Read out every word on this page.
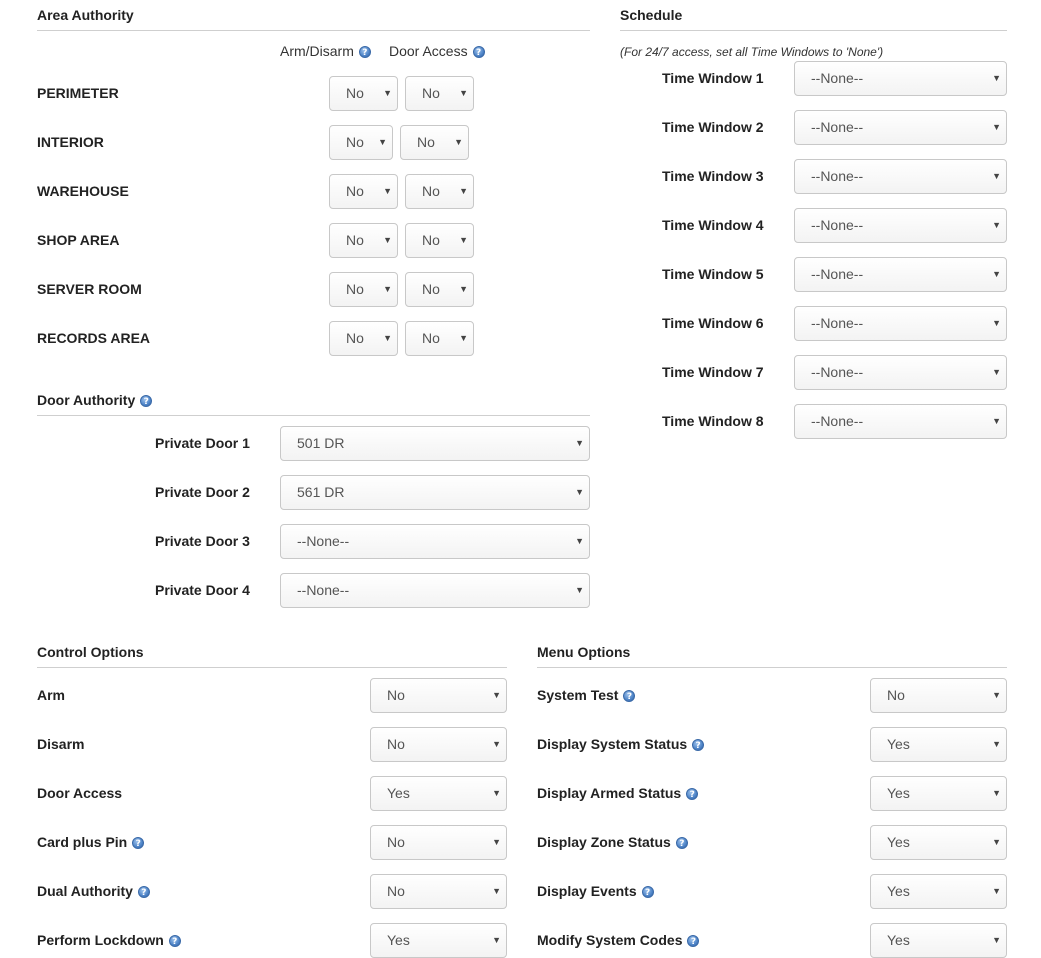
Area Authority
Arm/Disarm ? Door Access ?
PERIMETER	No ▼	No ▼
INTERIOR	No ▼	No ▼
WAREHOUSE	No ▼	No ▼
SHOP AREA	No ▼	No ▼
SERVER ROOM	No ▼	No ▼
RECORDS AREA	No ▼	No ▼
Door Authority ?
Private Door 1	501 DR	▼
Private Door 2	561 DR	▼
Private Door 3	--None--	▼
Private Door 4	--None--	▼
Schedule
(For 24/7 access, set all Time Windows to 'None')
Time Window 1	--None--	▼
Time Window 2	--None--	▼
Time Window 3	--None--	▼
Time Window 4	--None--	▼
Time Window 5	--None--	▼
Time Window 6	--None--	▼
Time Window 7	--None--	▼
Time Window 8	--None--	▼
Control Options
Arm	No	▼
Disarm	No	▼
Door Access	Yes	▼
Card plus Pin ?	No	▼
Dual Authority ?	No	▼
Perform Lockdown ?	Yes	▼
Menu Options
System Test ?	No	▼
Display System Status ?	Yes	▼
Display Armed Status ?	Yes	▼
Display Zone Status ?	Yes	▼
Display Events ?	Yes	▼
Modify System Codes ?	Yes	▼
